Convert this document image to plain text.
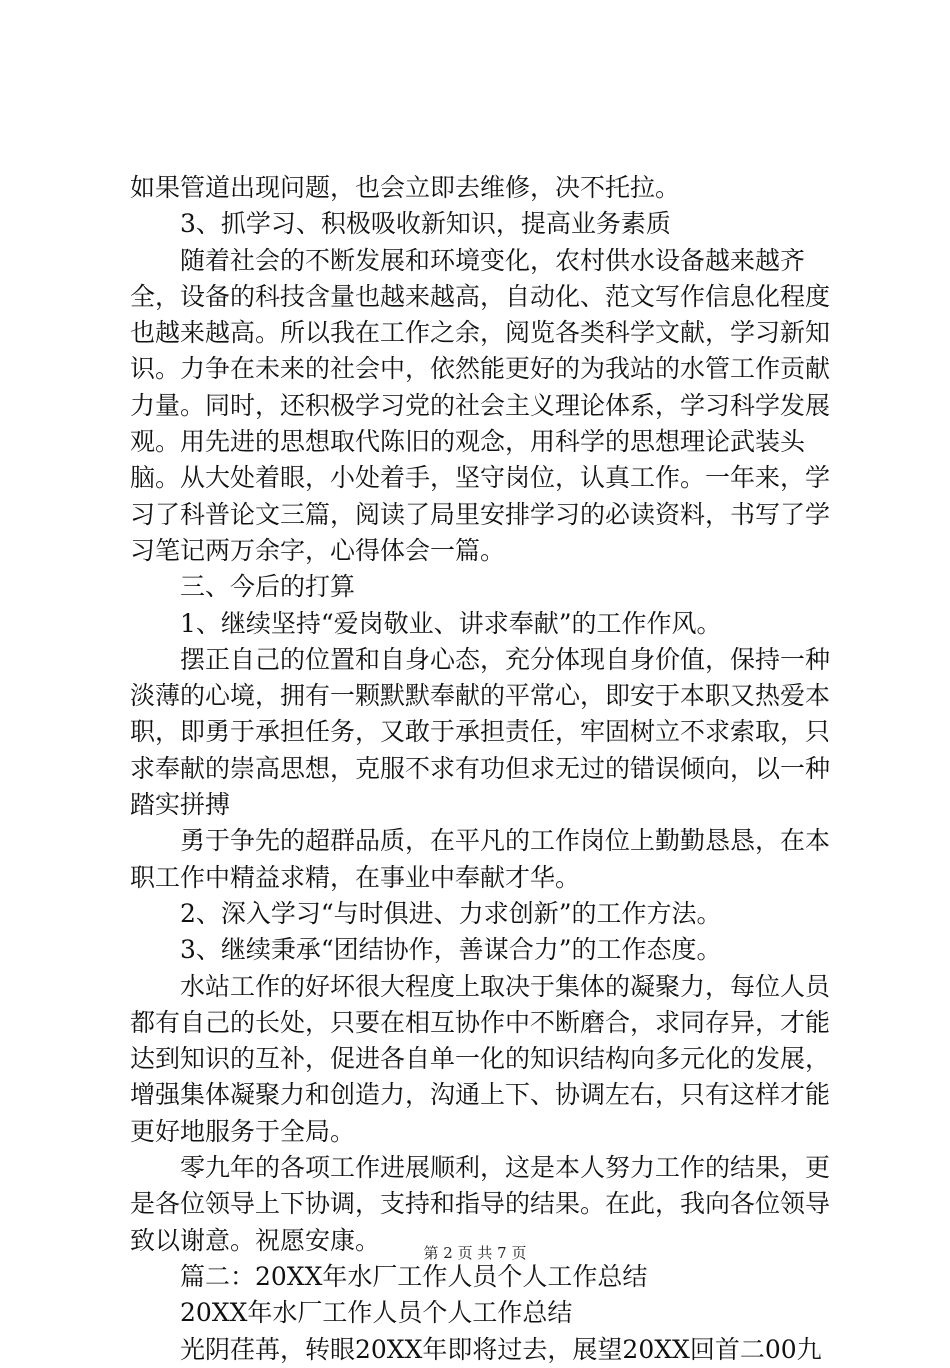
如果管道出现问题，也会立即去维修，决不托拉。

3、抓学习、积极吸收新知识，提高业务素质

随着社会的不断发展和环境变化，农村供水设备越来越齐全，设备的科技含量也越来越高，自动化、范文写作信息化程度也越来越高。所以我在工作之余，阅览各类科学文献，学习新知识。力争在未来的社会中，依然能更好的为我站的水管工作贡献力量。同时，还积极学习党的社会主义理论体系，学习科学发展观。用先进的思想取代陈旧的观念，用科学的思想理论武装头脑。从大处着眼，小处着手，坚守岗位，认真工作。一年来，学习了科普论文三篇，阅读了局里安排学习的必读资料，书写了学习笔记两万余字，心得体会一篇。

三、今后的打算

1、继续坚持“爱岗敬业、讲求奉献”的工作作风。

摆正自己的位置和自身心态，充分体现自身价值，保持一种淡薄的心境，拥有一颗默默奉献的平常心，即安于本职又热爱本职，即勇于承担任务，又敢于承担责任，牢固树立不求索取，只求奉献的崇高思想，克服不求有功但求无过的错误倾向，以一种踏实拼搏

勇于争先的超群品质，在平凡的工作岗位上勤勤恳恳，在本职工作中精益求精，在事业中奉献才华。

2、深入学习“与时俱进、力求创新”的工作方法。

3、继续秉承“团结协作，善谋合力”的工作态度。

水站工作的好坏很大程度上取决于集体的凝聚力，每位人员都有自己的长处，只要在相互协作中不断磨合，求同存异，才能达到知识的互补，促进各自单一化的知识结构向多元化的发展，增强集体凝聚力和创造力，沟通上下、协调左右，只有这样才能更好地服务于全局。

零九年的各项工作进展顺利，这是本人努力工作的结果，更是各位领导上下协调，支持和指导的结果。在此，我向各位领导致以谢意。祝愿安康。

篇二：20XX年水厂工作人员个人工作总结

20XX年水厂工作人员个人工作总结

光阴荏苒，转眼20XX年即将过去，展望20XX回首二00九

第 2 页 共 7 页
